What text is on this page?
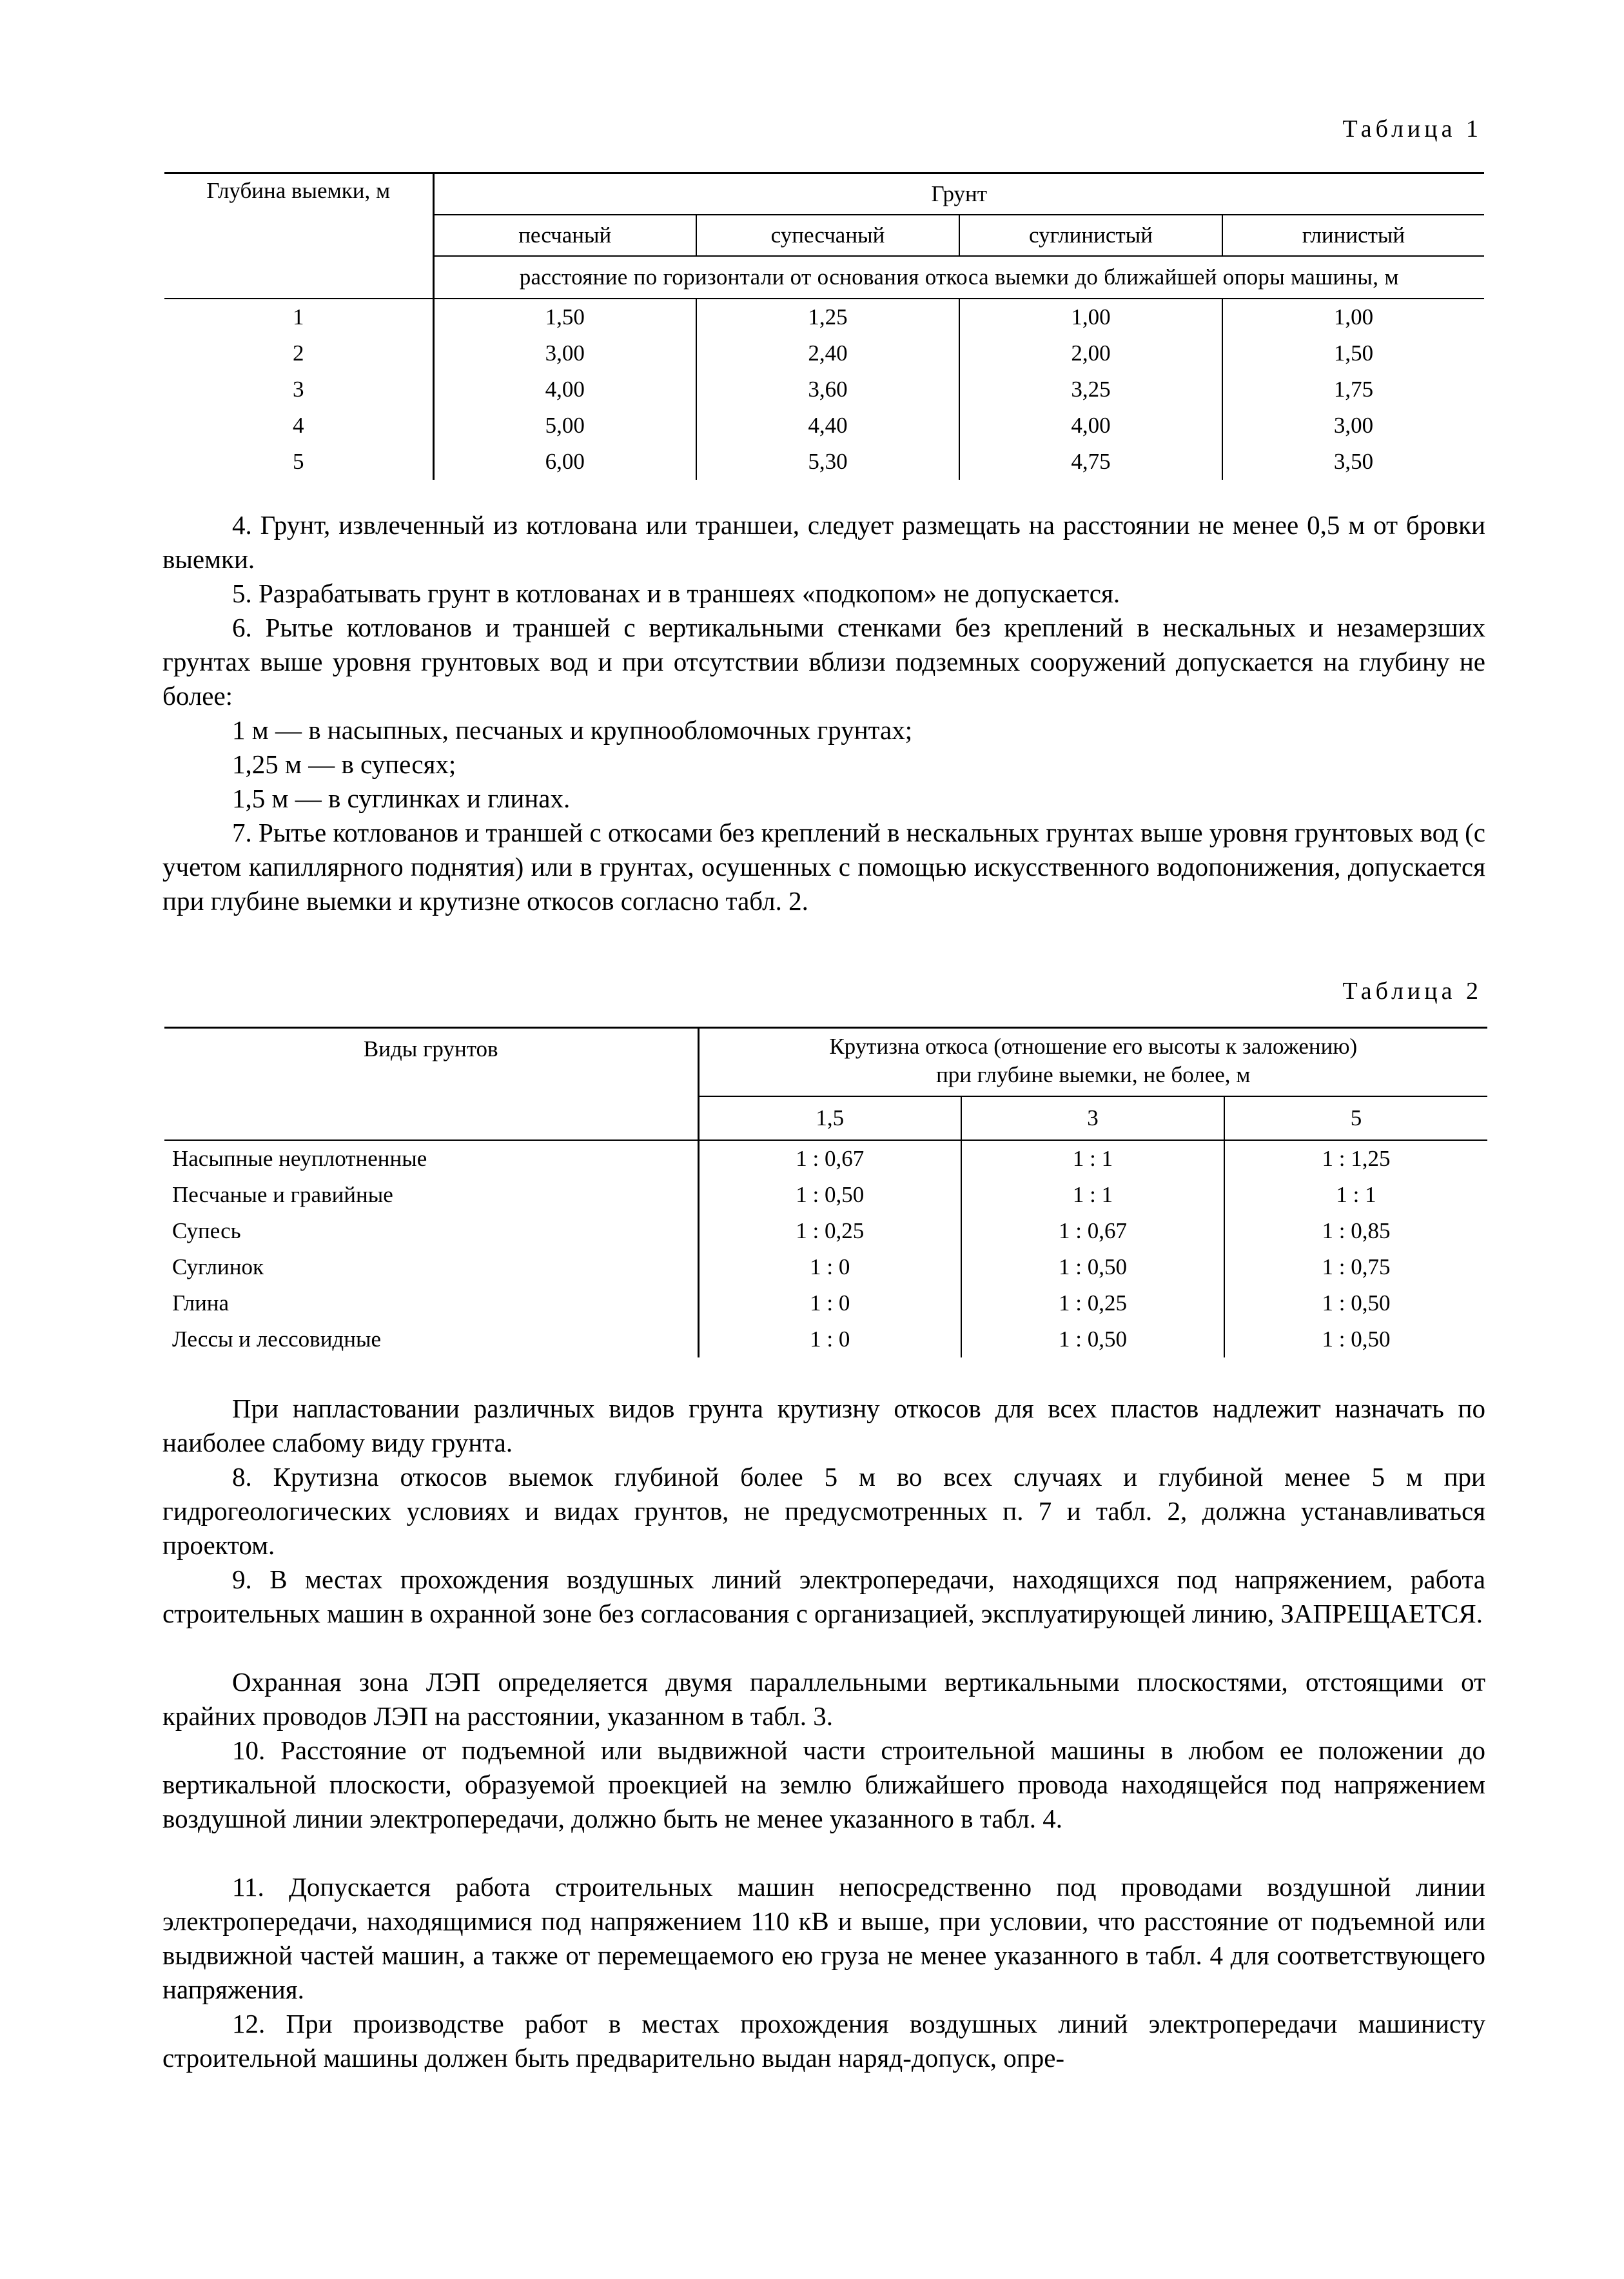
Таблица 1
Глубина выемки, м	Грунт			
	песчаный	супесчаный	суглинистый	глинистый
	расстояние по горизонтали от основания откоса выемки до ближайшей опоры машины, м			
1	1,50	1,25	1,00	1,00
2	3,00	2,40	2,00	1,50
3	4,00	3,60	3,25	1,75
4	5,00	4,40	4,00	3,00
5	6,00	5,30	4,75	3,50

4. Грунт, извлеченный из котлована или траншеи, следует размещать на расстоянии не менее 0,5 м от бровки выемки.

5. Разрабатывать грунт в котлованах и в траншеях «подкопом» не допускается.

6. Рытье котлованов и траншей с вертикальными стенками без креплений в нескальных и незамерзших грунтах выше уровня грунтовых вод и при отсутствии вблизи подземных сооружений допускается на глубину не более:

1 м — в насыпных, песчаных и крупнообломочных грунтах;

1,25 м — в супесях;

1,5 м — в суглинках и глинах.

7. Рытье котлованов и траншей с откосами без креплений в нескальных грунтах выше уровня грунтовых вод (с учетом капиллярного поднятия) или в грунтах, осушенных с помощью искусственного водопонижения, допускается при глубине выемки и крутизне откосов согласно табл. 2.

Таблица 2
Виды грунтов	Крутизна откоса (отношение его высоты к заложению)
при глубине выемки, не более, м		

	1,5	3	5
Насыпные неуплотненные	1 : 0,67	1 : 1	1 : 1,25
Песчаные и гравийные	1 : 0,50	1 : 1	1 : 1
Супесь	1 : 0,25	1 : 0,67	1 : 0,85
Суглинок	1 : 0	1 : 0,50	1 : 0,75
Глина	1 : 0	1 : 0,25	1 : 0,50
Лессы и лессовидные	1 : 0	1 : 0,50	1 : 0,50

При напластовании различных видов грунта крутизну откосов для всех пластов надлежит назначать по наиболее слабому виду грунта.

8. Крутизна откосов выемок глубиной более 5 м во всех случаях и глубиной менее 5 м при гидрогеологических условиях и видах грунтов, не предусмотренных п. 7 и табл. 2, должна устанавливаться проектом.

9. В местах прохождения воздушных линий электропередачи, находящихся под напряжением, работа строительных машин в охранной зоне без согласования с организацией, эксплуатирующей линию, ЗАПРЕЩАЕТСЯ.

Охранная зона ЛЭП определяется двумя параллельными вертикальными плоскостями, отстоящими от крайних проводов ЛЭП на расстоянии, указанном в табл. 3.

10. Расстояние от подъемной или выдвижной части строительной машины в любом ее положении до вертикальной плоскости, образуемой проекцией на землю ближайшего провода находящейся под напряжением воздушной линии электропередачи, должно быть не менее указанного в табл. 4.

11. Допускается работа строительных машин непосредственно под проводами воздушной линии электропередачи, находящимися под напряжением 110 кВ и выше, при условии, что расстояние от подъемной или выдвижной частей машин, а также от перемещаемого ею груза не менее указанного в табл. 4 для соответствующего напряжения.

12. При производстве работ в местах прохождения воздушных линий электропередачи машинисту строительной машины должен быть предварительно выдан наряд-допуск, опре-
